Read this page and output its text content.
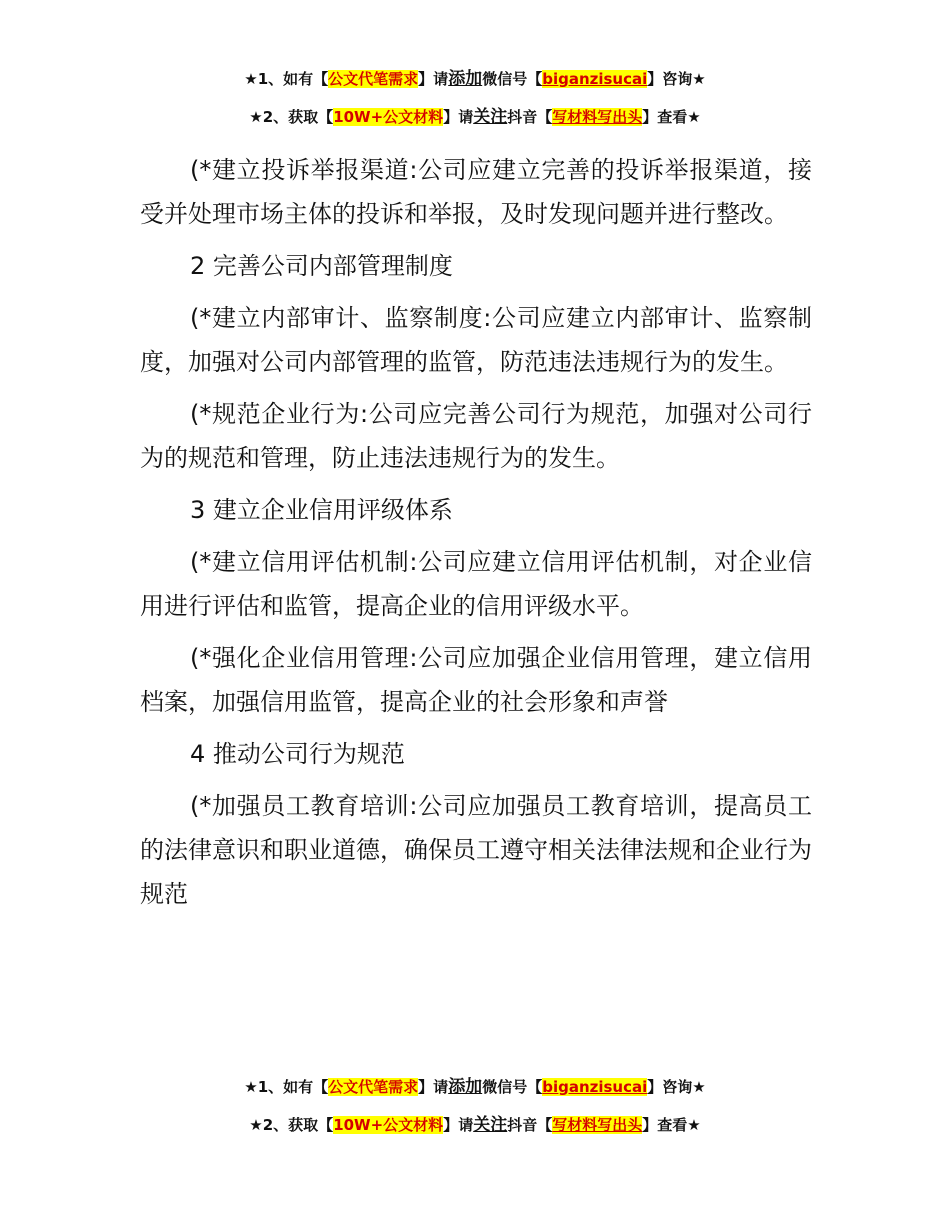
★1、如有【公文代笔需求】请添加微信号【biganzisucai】咨询★
★2、获取【10W+公文材料】请关注抖音【写材料写出头】查看★

(*建立投诉举报渠道:公司应建立完善的投诉举报渠道，接受并处理市场主体的投诉和举报，及时发现问题并进行整改。

2 完善公司内部管理制度

(*建立内部审计、监察制度:公司应建立内部审计、监察制度，加强对公司内部管理的监管，防范违法违规行为的发生。

(*规范企业行为:公司应完善公司行为规范，加强对公司行为的规范和管理，防止违法违规行为的发生。

3 建立企业信用评级体系

(*建立信用评估机制:公司应建立信用评估机制，对企业信用进行评估和监管，提高企业的信用评级水平。

(*强化企业信用管理:公司应加强企业信用管理，建立信用档案，加强信用监管，提高企业的社会形象和声誉

4 推动公司行为规范

(*加强员工教育培训:公司应加强员工教育培训，提高员工的法律意识和职业道德，确保员工遵守相关法律法规和企业行为规范

★1、如有【公文代笔需求】请添加微信号【biganzisucai】咨询★
★2、获取【10W+公文材料】请关注抖音【写材料写出头】查看★
